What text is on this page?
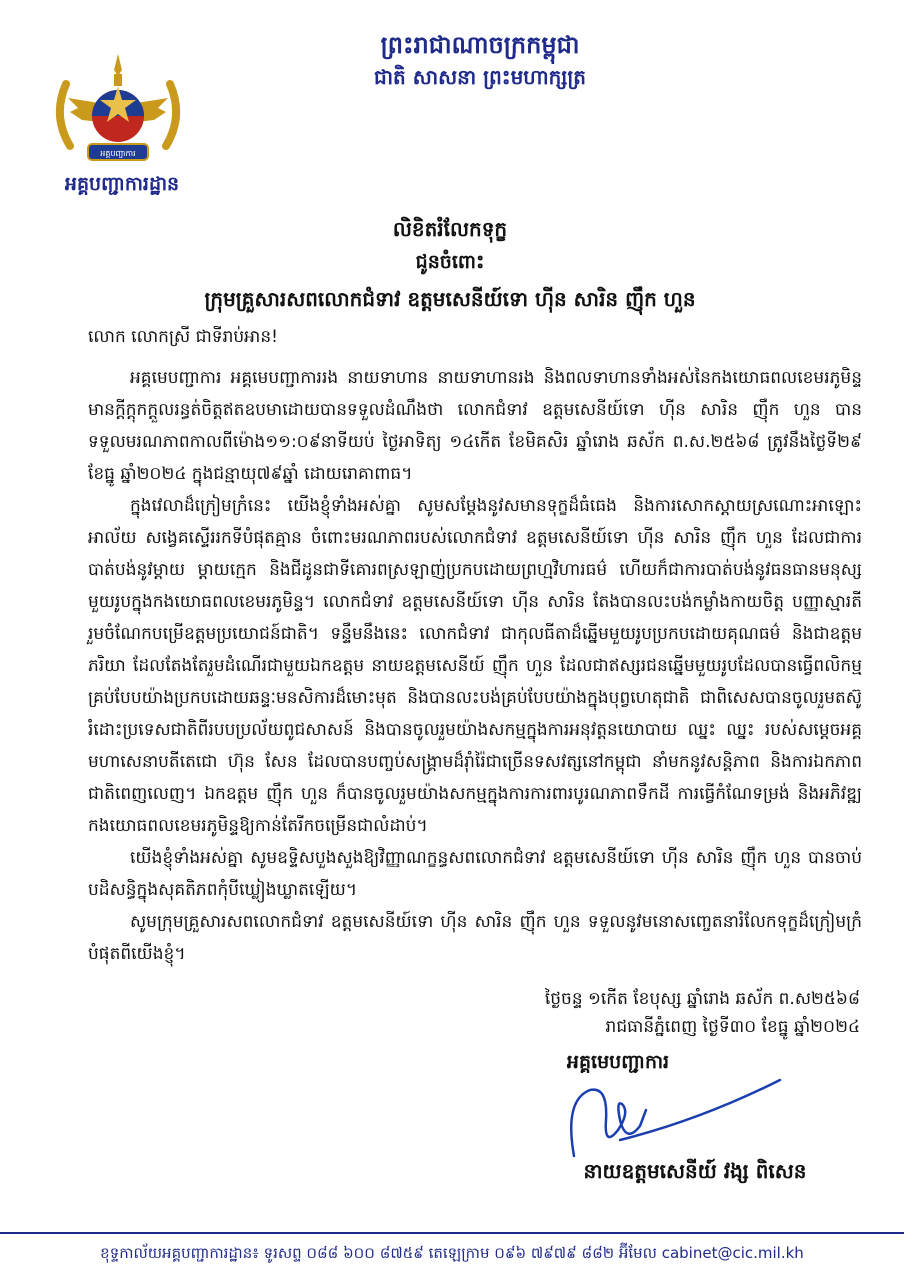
អគ្គបញ្ជាការ
អគ្គបញ្ជាការដ្ឋាន
ព្រះរាជាណាចក្រកម្ពុជា
ជាតិ សាសនា ព្រះមហាក្សត្រ
លិខិតរំលែកទុក្ខ
ជូនចំពោះ
ក្រុមគ្រួសារសពលោកជំទាវ ឧត្តមសេនីយ៍ទោ ហ៊ីន សារិន ញ៉ឹក ហួន
លោក លោកស្រី ជាទីរាប់អាន!

អគ្គមេបញ្ជាការ អគ្គមេបញ្ជាការរង នាយទាហាន នាយទាហានរង និងពលទាហានទាំងអស់នៃកងយោធពលខេមរភូមិន្ទ មានក្តីក្តុកក្តួលរន្ធត់ចិត្តឥតឧបមាដោយបានទទួលដំណឹងថា លោកជំទាវ ឧត្តមសេនីយ៍ទោ ហ៊ីន សារិន ញ៉ឹក ហួន បានទទួលមរណភាពកាលពីម៉ោង១១:០៩នាទីយប់ ថ្ងៃអាទិត្យ ១៤កើត ខែមិគសិរ ឆ្នាំរោង ឆស័ក ព.ស.២៥៦៨ ត្រូវនឹងថ្ងៃទី២៩ ខែធ្នូ ឆ្នាំ២០២៤ ក្នុងជន្មាយុ៧៩ឆ្នាំ ដោយរោគាពាធ។

ក្នុងវេលាដ៏ក្រៀមក្រំនេះ យើងខ្ញុំទាំងអស់គ្នា សូមសម្តែងនូវសមានទុក្ខដ៏ធំធេង និងការសោកស្តាយស្រណោះអាឡោះអាល័យ សង្វេគស្ទើររកទីបំផុតគ្មាន ចំពោះមរណភាពរបស់លោកជំទាវ ឧត្តមសេនីយ៍ទោ ហ៊ីន សារិន ញ៉ឹក ហួន ដែលជាការបាត់បង់នូវម្តាយ ម្តាយក្មេក និងជីដូនជាទីគោរពស្រឡាញ់ប្រកបដោយព្រហ្មវិហារធម៌ ហើយក៏ជាការបាត់បង់នូវធនធានមនុស្សមួយរូបក្នុងកងយោធពលខេមរភូមិន្ទ។ លោកជំទាវ ឧត្តមសេនីយ៍ទោ ហ៊ីន សារិន តែងបានលះបង់កម្លាំងកាយចិត្ត បញ្ញាស្មារតី រួមចំណែកបម្រើឧត្តមប្រយោជន៍ជាតិ។ ទន្ទឹមនឹងនេះ លោកជំទាវ ជាកុលធីតាដ៏ឆ្នើមមួយរូបប្រកបដោយគុណធម៌ និងជាឧត្តមភរិយា ដែលតែងតែរួមដំណើរជាមួយឯកឧត្តម នាយឧត្តមសេនីយ៍ ញ៉ឹក ហួន ដែលជាឥស្សរជនឆ្នើមមួយរូបដែលបានធ្វើពលិកម្មគ្រប់បែបយ៉ាងប្រកបដោយឆន្ទៈមនសិការដ៏មោះមុត និងបានលះបង់គ្រប់បែបយ៉ាងក្នុងបុព្វហេតុជាតិ ជាពិសេសបានចូលរួមតស៊ូរំដោះប្រទេសជាតិពីរបបប្រល័យពូជសាសន៍ និងបានចូលរួមយ៉ាងសកម្មក្នុងការអនុវត្តនយោបាយ ឈ្នះ ឈ្នះ របស់សម្តេចអគ្គមហាសេនាបតីតេជោ ហ៊ុន សែន ដែលបានបញ្ចប់សង្គ្រាមដ៏រ៉ាំរ៉ៃជាច្រើនទសវត្សនៅកម្ពុជា នាំមកនូវសន្តិភាព និងការឯកភាពជាតិពេញលេញ។ ឯកឧត្តម ញ៉ឹក ហួន ក៏បានចូលរួមយ៉ាងសកម្មក្នុងការការពារបូរណភាពទឹកដី ការធ្វើកំណែទម្រង់ និងអភិវឌ្ឍកងយោធពលខេមរភូមិន្ទឱ្យកាន់តែរីកចម្រើនជាលំដាប់។

យើងខ្ញុំទាំងអស់គ្នា សូមឧទ្ទិសបួងសួងឱ្យវិញ្ញាណក្ខន្ធសពលោកជំទាវ ឧត្តមសេនីយ៍ទោ ហ៊ីន សារិន ញ៉ឹក ហួន បានចាប់បដិសន្ធិក្នុងសុគតិភពកុំបីឃ្លៀងឃ្លាតឡើយ។

សូមក្រុមគ្រួសារសពលោកជំទាវ ឧត្តមសេនីយ៍ទោ ហ៊ីន សារិន ញ៉ឹក ហួន ទទួលនូវមនោសញ្ចេតនារំលែកទុក្ខដ៏ក្រៀមក្រំបំផុតពីយើងខ្ញុំ។

ថ្ងៃចន្ទ ១កើត ខែបុស្ស ឆ្នាំរោង ឆស័ក ព.ស២៥៦៨
រាជធានីភ្នំពេញ ថ្ងៃទី៣០ ខែធ្នូ ឆ្នាំ២០២៤
អគ្គមេបញ្ជាការ
នាយឧត្តមសេនីយ៍ វង្ស ពិសេន
ខុទ្ទកាល័យអគ្គបញ្ជាការដ្ឋាន៖ ទូរសព្ទ ០៨៨ ៦០០ ៨៧៥៩ តេឡេក្រាម ០៩៦ ៧៩៧៩ ៨៨២ អ៊ីមែល cabinet@cic.mil.kh
